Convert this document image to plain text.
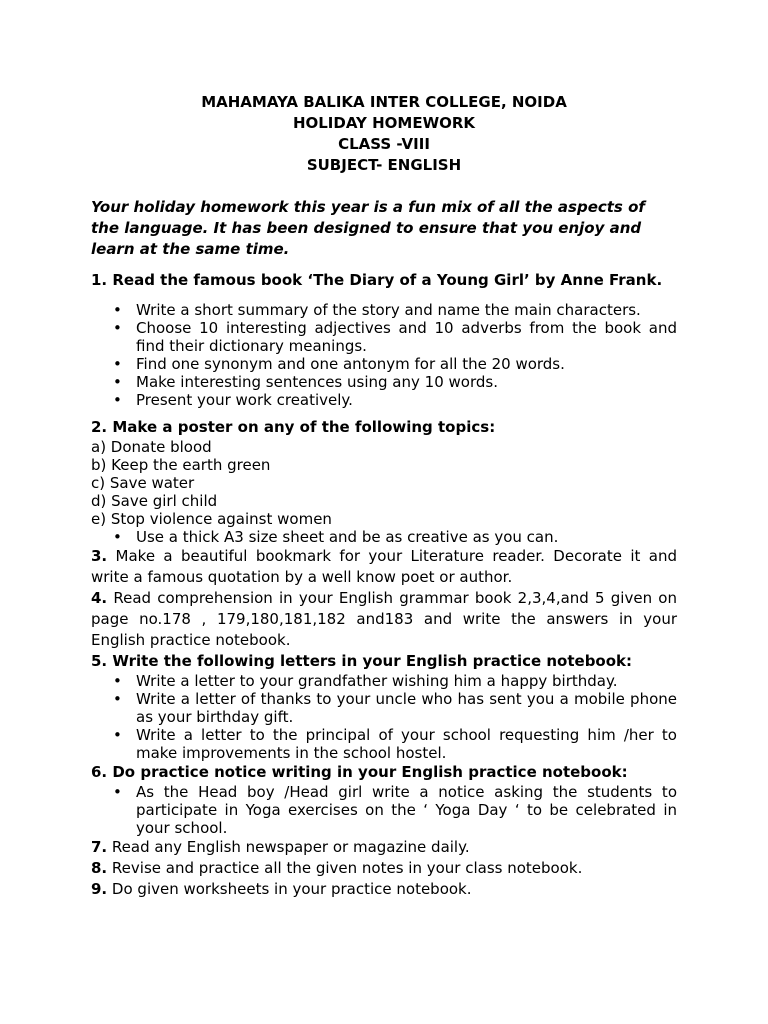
MAHAMAYA BALIKA INTER COLLEGE, NOIDA
HOLIDAY HOMEWORK
CLASS -VIII
SUBJECT- ENGLISH

Your holiday homework this year is a fun mix of all the aspects of the language. It has been designed to ensure that you enjoy and learn at the same time.

1. Read the famous book ‘The Diary of a Young Girl’ by Anne Frank.

• Write a short summary of the story and name the main characters.
• Choose 10 interesting adjectives and 10 adverbs from the book and find their dictionary meanings.
• Find one synonym and one antonym for all the 20 words.
• Make interesting sentences using any 10 words.
• Present your work creatively.

2. Make a poster on any of the following topics:

a) Donate blood

b) Keep the earth green

c) Save water

d) Save girl child

e) Stop violence against women

• Use a thick A3 size sheet and be as creative as you can.

3. Make a beautiful bookmark for your Literature reader. Decorate it and write a famous quotation by a well know poet or author.

4. Read comprehension in your English grammar book 2,3,4,and 5 given on page no.178 , 179,180,181,182 and183 and write the answers in your English practice notebook.

5. Write the following letters in your English practice notebook:

• Write a letter to your grandfather wishing him a happy birthday.
• Write a letter of thanks to your uncle who has sent you a mobile phone as your birthday gift.
• Write a letter to the principal of your school requesting him /her to make improvements in the school hostel.

6. Do practice notice writing in your English practice notebook:

• As the Head boy /Head girl write a notice asking the students to participate in Yoga exercises on the ‘ Yoga Day ‘ to be celebrated in your school.

7. Read any English newspaper or magazine daily.

8. Revise and practice all the given notes in your class notebook.

9. Do given worksheets in your practice notebook.
